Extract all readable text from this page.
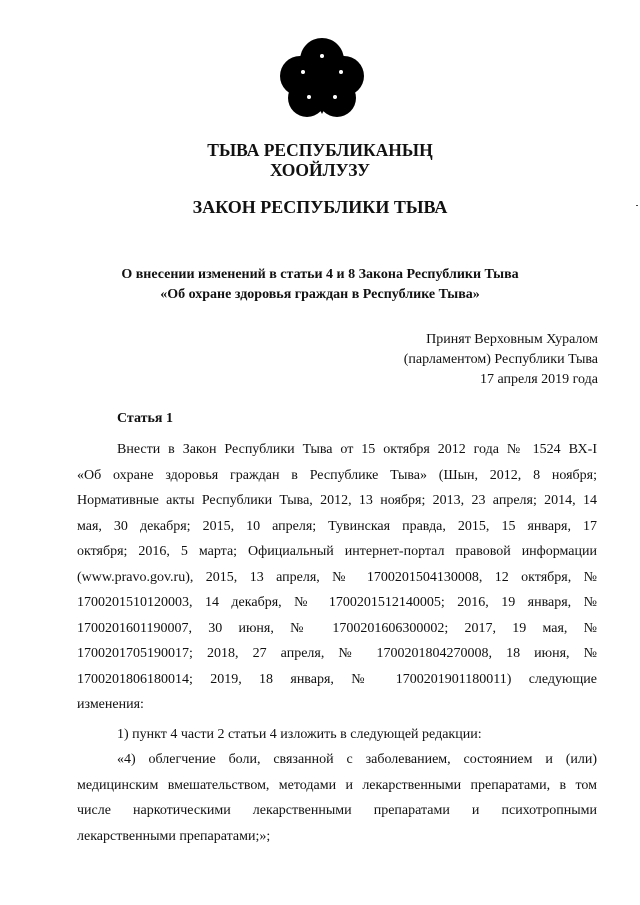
ТЫВА РЕСПУБЛИКАНЫҢ
ХООЙЛУЗУ
ЗАКОН РЕСПУБЛИКИ ТЫВА
О внесении изменений в статьи 4 и 8 Закона Республики Тыва
«Об охране здоровья граждан в Республике Тыва»
Принят Верховным Хуралом
(парламентом) Республики Тыва
17 апреля 2019 года
Статья 1
Внести в Закон Республики Тыва от 15 октября 2012 года № 1524 ВХ-I
«Об охране здоровья граждан в Республике Тыва» (Шын, 2012, 8 ноября;
Нормативные акты Республики Тыва, 2012, 13 ноября; 2013, 23 апреля; 2014, 14
мая, 30 декабря; 2015, 10 апреля; Тувинская правда, 2015, 15 января, 17
октября; 2016, 5 марта; Официальный интернет-портал правовой информации
(www.pravo.gov.ru), 2015, 13 апреля, № 1700201504130008, 12 октября, №
1700201510120003, 14 декабря, № 1700201512140005; 2016, 19 января, №
1700201601190007, 30 июня, № 1700201606300002; 2017, 19 мая, №
1700201705190017; 2018, 27 апреля, № 1700201804270008, 18 июня, №
1700201806180014; 2019, 18 января, № 1700201901180011) следующие
изменения:
1) пункт 4 части 2 статьи 4 изложить в следующей редакции:
«4) облегчение боли, связанной с заболеванием, состоянием и (или)
медицинским вмешательством, методами и лекарственными препаратами, в том
числе наркотическими лекарственными препаратами и психотропными
лекарственными препаратами;»;
